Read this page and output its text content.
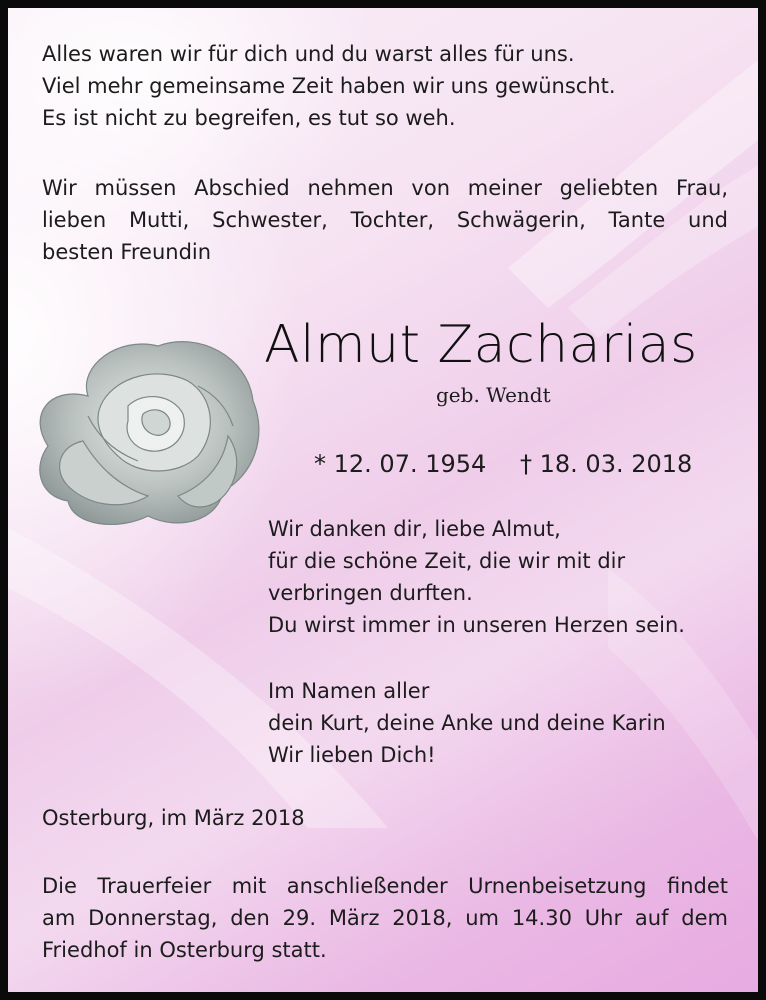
Alles waren wir für dich und du warst alles für uns.
Viel mehr gemeinsame Zeit haben wir uns gewünscht.
Es ist nicht zu begreifen, es tut so weh.
Wir müssen Abschied nehmen von meiner geliebten Frau,
lieben Mutti, Schwester, Tochter, Schwägerin, Tante und
besten Freundin
Almut Zacharias
geb. Wendt
* 12. 07. 1954 † 18. 03. 2018
Wir danken dir, liebe Almut,
für die schöne Zeit, die wir mit dir
verbringen durften.
Du wirst immer in unseren Herzen sein.
Im Namen aller
dein Kurt, deine Anke und deine Karin
Wir lieben Dich!
Osterburg, im März 2018
Die Trauerfeier mit anschließender Urnenbeisetzung findet
am Donnerstag, den 29. März 2018, um 14.30 Uhr auf dem
Friedhof in Osterburg statt.
